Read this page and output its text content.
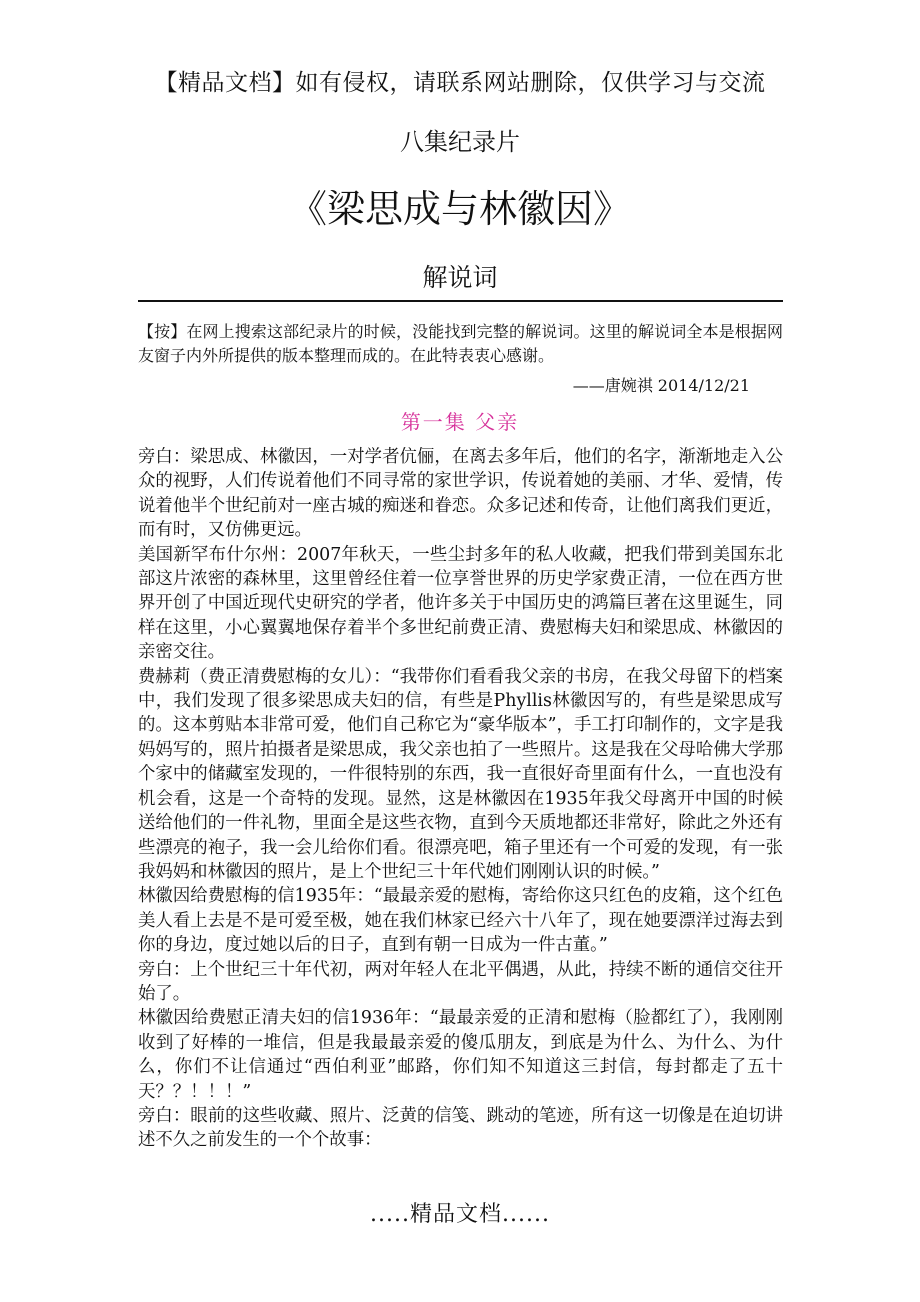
【精品文档】如有侵权，请联系网站删除，仅供学习与交流
八集纪录片
《梁思成与林徽因》
解说词
【按】在网上搜索这部纪录片的时候，没能找到完整的解说词。这里的解说词全本是根据网友窗子内外所提供的版本整理而成的。在此特表衷心感谢。
——唐婉祺 2014/12/21
第一集 父亲

旁白：梁思成、林徽因，一对学者伉俪，在离去多年后，他们的名字，渐渐地走入公众的视野，人们传说着他们不同寻常的家世学识，传说着她的美丽、才华、爱情，传说着他半个世纪前对一座古城的痴迷和眷恋。众多记述和传奇，让他们离我们更近，而有时，又仿佛更远。

美国新罕布什尔州：2007年秋天，一些尘封多年的私人收藏，把我们带到美国东北部这片浓密的森林里，这里曾经住着一位享誉世界的历史学家费正清，一位在西方世界开创了中国近现代史研究的学者，他许多关于中国历史的鸿篇巨著在这里诞生，同样在这里，小心翼翼地保存着半个多世纪前费正清、费慰梅夫妇和梁思成、林徽因的亲密交往。

费赫莉（费正清费慰梅的女儿）：“我带你们看看我父亲的书房，在我父母留下的档案中，我们发现了很多梁思成夫妇的信，有些是Phyllis林徽因写的，有些是梁思成写的。这本剪贴本非常可爱，他们自己称它为“豪华版本”，手工打印制作的，文字是我妈妈写的，照片拍摄者是梁思成，我父亲也拍了一些照片。这是我在父母哈佛大学那个家中的储藏室发现的，一件很特别的东西，我一直很好奇里面有什么，一直也没有机会看，这是一个奇特的发现。显然，这是林徽因在1935年我父母离开中国的时候送给他们的一件礼物，里面全是这些衣物，直到今天质地都还非常好，除此之外还有些漂亮的袍子，我一会儿给你们看。很漂亮吧，箱子里还有一个可爱的发现，有一张我妈妈和林徽因的照片，是上个世纪三十年代她们刚刚认识的时候。”

林徽因给费慰梅的信1935年：“最最亲爱的慰梅，寄给你这只红色的皮箱，这个红色美人看上去是不是可爱至极，她在我们林家已经六十八年了，现在她要漂洋过海去到你的身边，度过她以后的日子，直到有朝一日成为一件古董。”

旁白：上个世纪三十年代初，两对年轻人在北平偶遇，从此，持续不断的通信交往开始了。

林徽因给费慰正清夫妇的信1936年：“最最亲爱的正清和慰梅（脸都红了），我刚刚收到了好棒的一堆信，但是我最最亲爱的傻瓜朋友，到底是为什么、为什么、为什么，你们不让信通过“西伯利亚”邮路，你们知不知道这三封信，每封都走了五十天？？！！！”

旁白：眼前的这些收藏、照片、泛黄的信笺、跳动的笔迹，所有这一切像是在迫切讲述不久之前发生的一个个故事：

.....精品文档......
